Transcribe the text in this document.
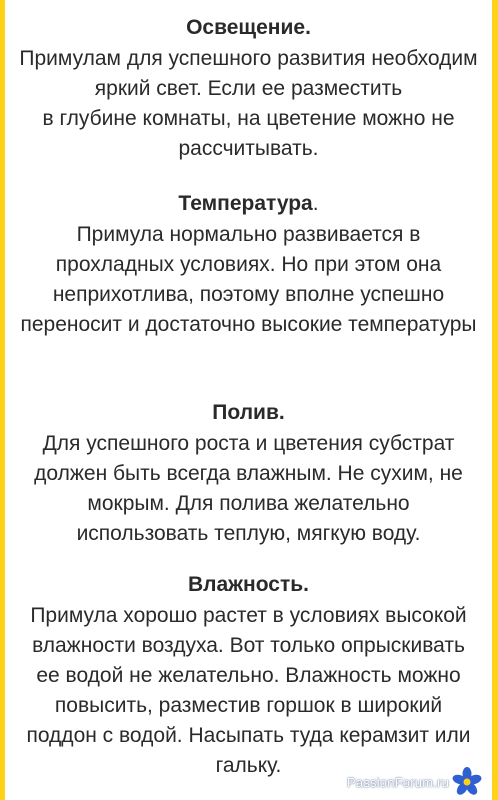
Освещение.

Примулам для успешного развития необходим
яркий свет. Если ее разместить
в глубине комнаты, на цветение можно не
рассчитывать.

Температура.

Примула нормально развивается в
прохладных условиях. Но при этом она
неприхотлива, поэтому вполне успешно
переносит и достаточно высокие температуры

Полив.

Для успешного роста и цветения субстрат
должен быть всегда влажным. Не сухим, не
мокрым. Для полива желательно
использовать теплую, мягкую воду.

Влажность.

Примула хорошо растет в условиях высокой
влажности воздуха. Вот только опрыскивать
ее водой не желательно. Влажность можно
повысить, разместив горшок в широкий
поддон с водой. Насыпать туда керамзит или
гальку.

PassionForum.ru
